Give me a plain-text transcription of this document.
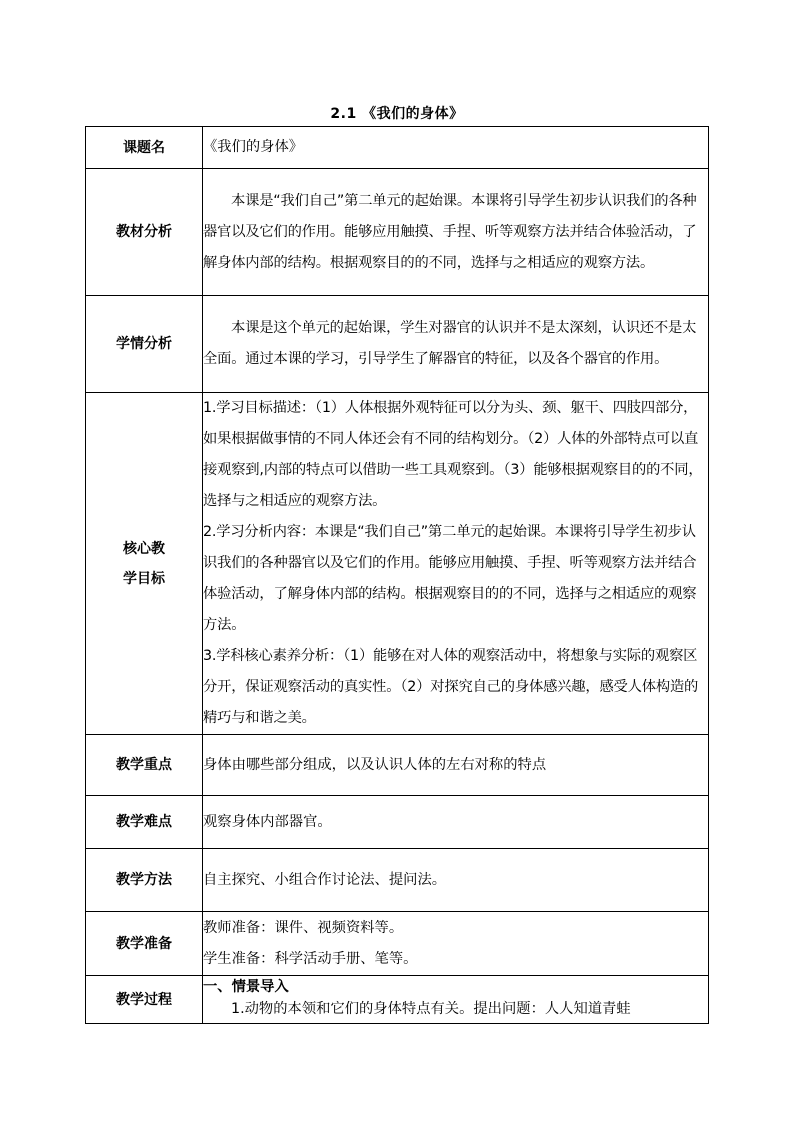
2.1 《我们的身体》
课题名	《我们的身体》
教材分析	本课是“我们自己”第二单元的起始课。本课将引导学生初步认识我们的各种器官以及它们的作用。能够应用触摸、手捏、听等观察方法并结合体验活动，了解身体内部的结构。根据观察目的的不同，选择与之相适应的观察方法。

学情分析	本课是这个单元的起始课，学生对器官的认识并不是太深刻，认识还不是太全面。通过本课的学习，引导学生了解器官的特征，以及各个器官的作用。

核心教学目标	1.学习目标描述：（1）人体根据外观特征可以分为头、颈、躯干、四肢四部分，如果根据做事情的不同人体还会有不同的结构划分。（2）人体的外部特点可以直接观察到,内部的特点可以借助一些工具观察到。（3）能够根据观察目的的不同，选择与之相适应的观察方法。

2.学习分析内容：本课是“我们自己”第二单元的起始课。本课将引导学生初步认识我们的各种器官以及它们的作用。能够应用触摸、手捏、听等观察方法并结合体验活动，了解身体内部的结构。根据观察目的的不同，选择与之相适应的观察方法。

3.学科核心素养分析：（1）能够在对人体的观察活动中，将想象与实际的观察区分开，保证观察活动的真实性。（2）对探究自己的身体感兴趣，感受人体构造的精巧与和谐之美。

教学重点	身体由哪些部分组成，以及认识人体的左右对称的特点
教学难点	观察身体内部器官。
教学方法	自主探究、小组合作讨论法、提问法。
教学准备	教师准备：课件、视频资料等。

学生准备：科学活动手册、笔等。

教学过程	一、情景导入

1.动物的本领和它们的身体特点有关。提出问题：人人知道青蛙
